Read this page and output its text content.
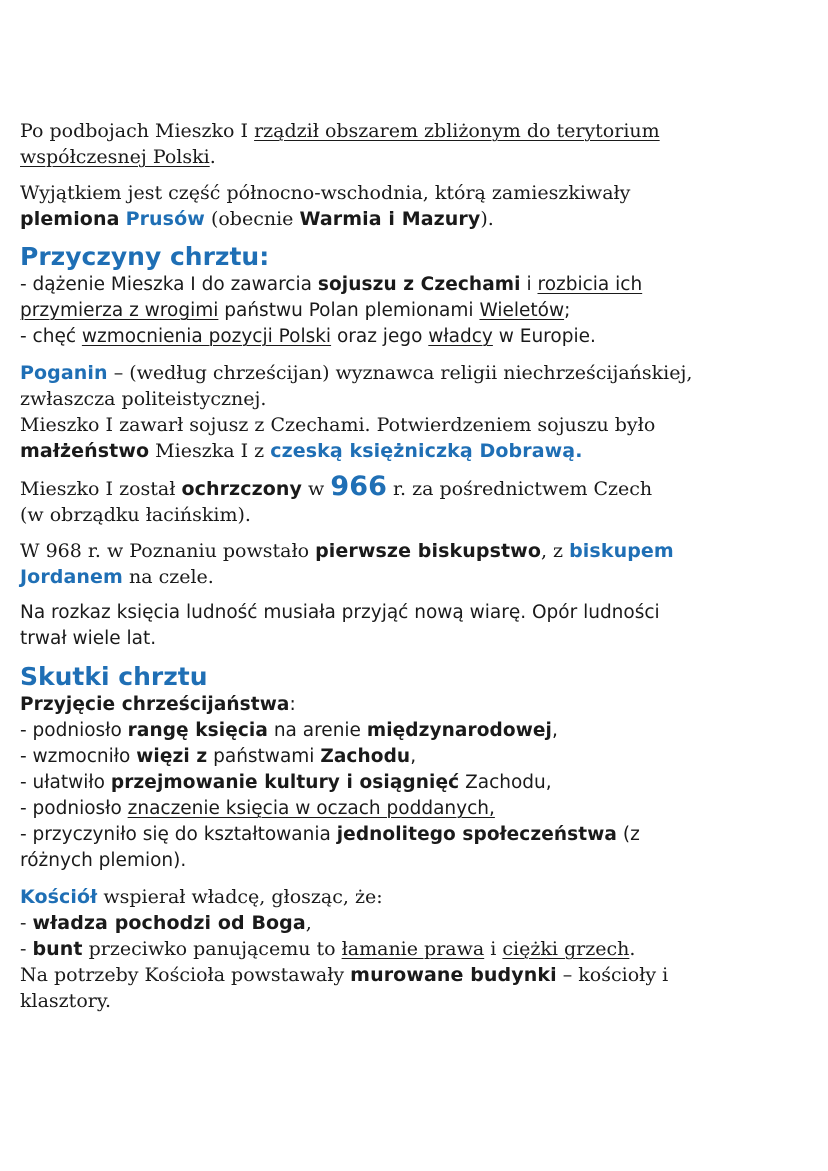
Po podbojach Mieszko I rządził obszarem zbliżonym do terytorium
współczesnej Polski.
Wyjątkiem jest część północno-wschodnia, którą zamieszkiwały
plemiona Prusów (obecnie Warmia i Mazury).
Przyczyny chrztu:
- dążenie Mieszka I do zawarcia sojuszu z Czechami i rozbicia ich
przymierza z wrogimi państwu Polan plemionami Wieletów;
- chęć wzmocnienia pozycji Polski oraz jego władcy w Europie.
Poganin – (według chrześcijan) wyznawca religii niechrześcijańskiej,
zwłaszcza politeistycznej.
Mieszko I zawarł sojusz z Czechami. Potwierdzeniem sojuszu było
małżeństwo Mieszka I z czeską księżniczką Dobrawą.
Mieszko I został ochrzczony w 966 r. za pośrednictwem Czech
(w obrządku łacińskim).
W 968 r. w Poznaniu powstało pierwsze biskupstwo, z biskupem
Jordanem na czele.
Na rozkaz księcia ludność musiała przyjąć nową wiarę. Opór ludności
trwał wiele lat.
Skutki chrztu
Przyjęcie chrześcijaństwa:
- podniosło rangę księcia na arenie międzynarodowej,
- wzmocniło więzi z państwami Zachodu,
- ułatwiło przejmowanie kultury i osiągnięć Zachodu,
- podniosło znaczenie księcia w oczach poddanych,
- przyczyniło się do kształtowania jednolitego społeczeństwa (z
różnych plemion).
Kościół wspierał władcę, głosząc, że:
- władza pochodzi od Boga,
- bunt przeciwko panującemu to łamanie prawa i ciężki grzech.
Na potrzeby Kościoła powstawały murowane budynki – kościoły i
klasztory.
